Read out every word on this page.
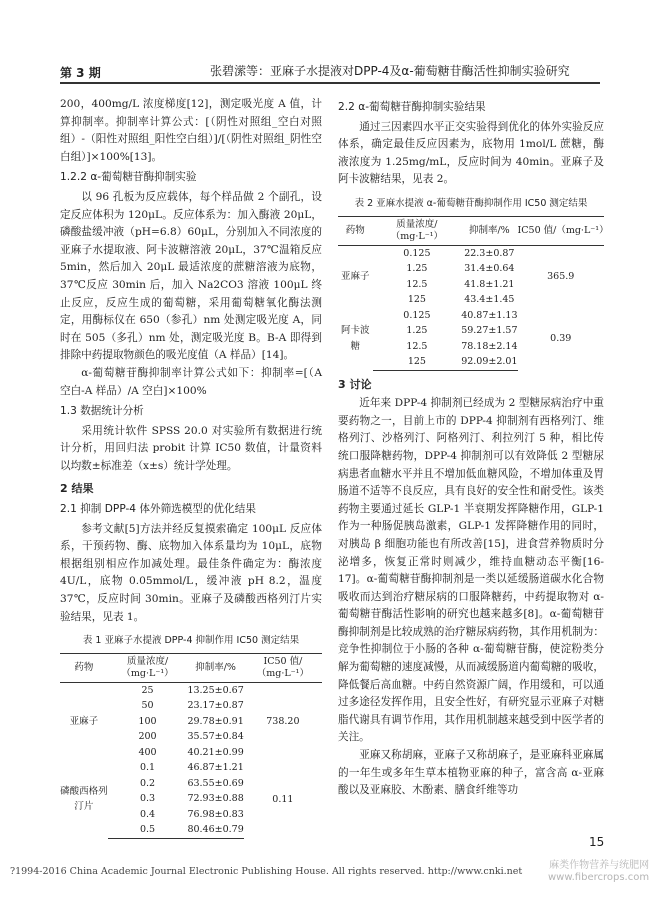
第 3 期	张碧潆等：亚麻子水提液对DPP-4及α-葡萄糖苷酶活性抑制实验研究

200，400mg/L 浓度梯度[12]，测定吸光度 A 值，计算抑制率。抑制率计算公式：[（阴性对照组_空白对照组）-（阳性对照组_阳性空白组）]/[（阴性对照组_阴性空白组）]×100%[13]。

1.2.2 α-葡萄糖苷酶抑制实验

以 96 孔板为反应载体，每个样品做 2 个副孔，设定反应体积为 120μL。反应体系为：加入酶液 20μL，磷酸盐缓冲液（pH=6.8）60μL，分别加入不同浓度的亚麻子水提取液、阿卡波糖溶液 20μL，37℃温箱反应 5min，然后加入 20μL 最适浓度的蔗糖溶液为底物，37℃反应 30min 后，加入 Na2CO3 溶液 100μL 终止反应，反应生成的葡萄糖，采用葡萄糖氧化酶法测定，用酶标仪在 650（参孔）nm 处测定吸光度 A，同时在 505（多孔）nm 处，测定吸光度 B。B-A 即得到排除中药提取物颜色的吸光度值（A 样品）[14]。

α-葡萄糖苷酶抑制率计算公式如下：抑制率=[（A 空白-A 样品）/A 空白]×100%

1.3 数据统计分析

采用统计软件 SPSS 20.0 对实验所有数据进行统计分析，用回归法 probit 计算 IC50 数值，计量资料以均数±标准差（x±s）统计学处理。

2 结果
2.1 抑制 DPP-4 体外筛选模型的优化结果

参考文献[5]方法并经反复摸索确定 100μL 反应体系，干预药物、酶、底物加入体系量均为 10μL，底物根据组别相应作加减处理。最佳条件确定为：酶浓度 4U/L，底物 0.05mmol/L，缓冲液 pH 8.2，温度 37℃，反应时间 30min。亚麻子及磷酸西格列汀片实验结果，见表 1。

表 1 亚麻子水提液 DPP-4 抑制作用 IC50 测定结果
药物	质量浓度/（mg·L⁻¹）	抑制率/%	IC50 值/（mg·L⁻¹）
亚麻子	25	13.25±0.67	738.20
	50	23.17±0.87	
	100	29.78±0.91	
	200	35.57±0.84	
	400	40.21±0.99	
磷酸西格列汀片	0.1	46.87±1.21	0.11
	0.2	63.55±0.69	
	0.3	72.93±0.88	
	0.4	76.98±0.83	
	0.5	80.46±0.79	
2.2 α-葡萄糖苷酶抑制实验结果

通过三因素四水平正交实验得到优化的体外实验反应体系，确定最佳反应因素为，底物用 1mol/L 蔗糖，酶液浓度为 1.25mg/mL，反应时间为 40min。亚麻子及阿卡波糖结果，见表 2。

表 2 亚麻水提液 α-葡萄糖苷酶抑制作用 IC50 测定结果
药物	质量浓度/（mg·L⁻¹）	抑制率/%	IC50 值/（mg·L⁻¹）
亚麻子	0.125	22.3±0.87	365.9
	1.25	31.4±0.64	
	12.5	41.8±1.21	
	125	43.4±1.45	
阿卡波糖	0.125	40.87±1.13	0.39
	1.25	59.27±1.57	
	12.5	78.18±2.14	
	125	92.09±2.01	
3 讨论

近年来 DPP-4 抑制剂已经成为 2 型糖尿病治疗中重要药物之一，目前上市的 DPP-4 抑制剂有西格列汀、维格列汀、沙格列汀、阿格列汀、利拉列汀 5 种，相比传统口服降糖药物，DPP-4 抑制剂可以有效降低 2 型糖尿病患者血糖水平并且不增加低血糖风险，不增加体重及胃肠道不适等不良反应，具有良好的安全性和耐受性。该类药物主要通过延长 GLP-1 半衰期发挥降糖作用，GLP-1 作为一种肠促胰岛激素，GLP-1 发挥降糖作用的同时，对胰岛 β 细胞功能也有所改善[15]，进食营养物质时分泌增多，恢复正常时则减少，维持血糖动态平衡[16-17]。α-葡萄糖苷酶抑制剂是一类以延缓肠道碳水化合物吸收而达到治疗糖尿病的口服降糖药，中药提取物对 α-葡萄糖苷酶活性影响的研究也越来越多[8]。α-葡萄糖苷酶抑制剂是比较成熟的治疗糖尿病药物，其作用机制为：竞争性抑制位于小肠的各种 α-葡萄糖苷酶，使淀粉类分解为葡萄糖的速度减慢，从而减缓肠道内葡萄糖的吸收，降低餐后高血糖。中药自然资源广阔，作用缓和，可以通过多途径发挥作用，且安全性好，有研究显示亚麻子对糖脂代谢具有调节作用，其作用机制越来越受到中医学者的关注。

亚麻又称胡麻，亚麻子又称胡麻子，是亚麻科亚麻属的一年生或多年生草本植物亚麻的种子，富含高 α-亚麻酸以及亚麻胶、木酚素、膳食纤维等功

15
?1994-2016 China Academic Journal Electronic Publishing House. All rights reserved. http://www.cnki.net
麻类作物营养与统肥网
www.fibercrops.com
